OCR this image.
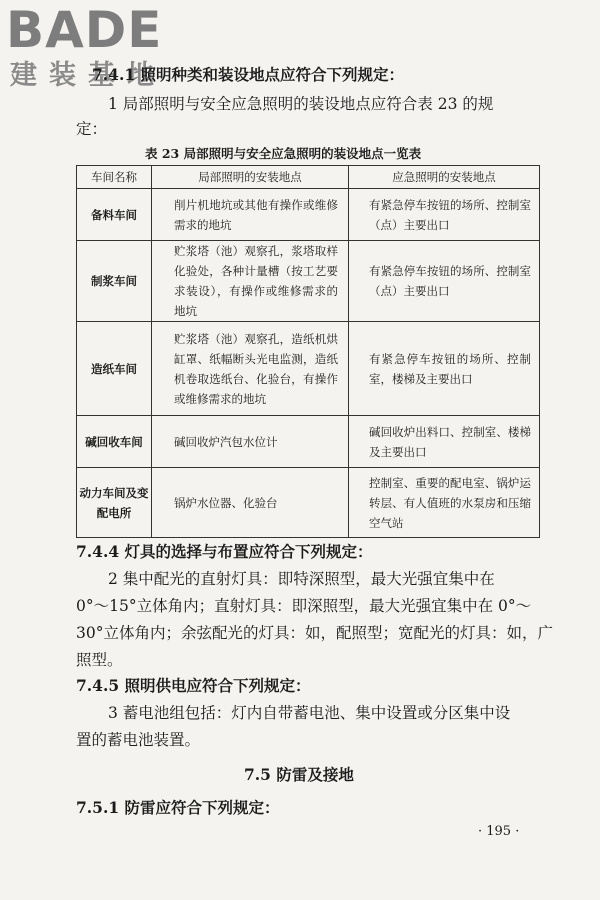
BADE
建装基地
7.4.1 照明种类和装设地点应符合下列规定：
1 局部照明与安全应急照明的装设地点应符合表 23 的规
定：
表 23 局部照明与安全应急照明的装设地点一览表
车间名称	局部照明的安装地点	应急照明的安装地点
备料车间	削片机地坑或其他有操作或维修需求的地坑	有紧急停车按钮的场所、控制室（点）主要出口
制浆车间	贮浆塔（池）观察孔，浆塔取样化验处，各种计量槽（按工艺要求装设），有操作或维修需求的地坑	有紧急停车按钮的场所、控制室（点）主要出口
造纸车间	贮浆塔（池）观察孔，造纸机烘缸罩、纸幅断头光电监测，造纸机卷取选纸台、化验台，有操作或维修需求的地坑	有紧急停车按钮的场所、控制室，楼梯及主要出口
碱回收车间	碱回收炉汽包水位计	碱回收炉出料口、控制室、楼梯及主要出口
动力车间及变配电所	锅炉水位器、化验台	控制室、重要的配电室、锅炉运转层、有人值班的水泵房和压缩空气站
7.4.4 灯具的选择与布置应符合下列规定：
2 集中配光的直射灯具：即特深照型，最大光强宜集中在
0°～15°立体角内；直射灯具：即深照型，最大光强宜集中在 0°～
30°立体角内；余弦配光的灯具：如，配照型；宽配光的灯具：如，广
照型。
7.4.5 照明供电应符合下列规定：
3 蓄电池组包括：灯内自带蓄电池、集中设置或分区集中设
置的蓄电池装置。
7.5 防雷及接地
7.5.1 防雷应符合下列规定：
· 195 ·
